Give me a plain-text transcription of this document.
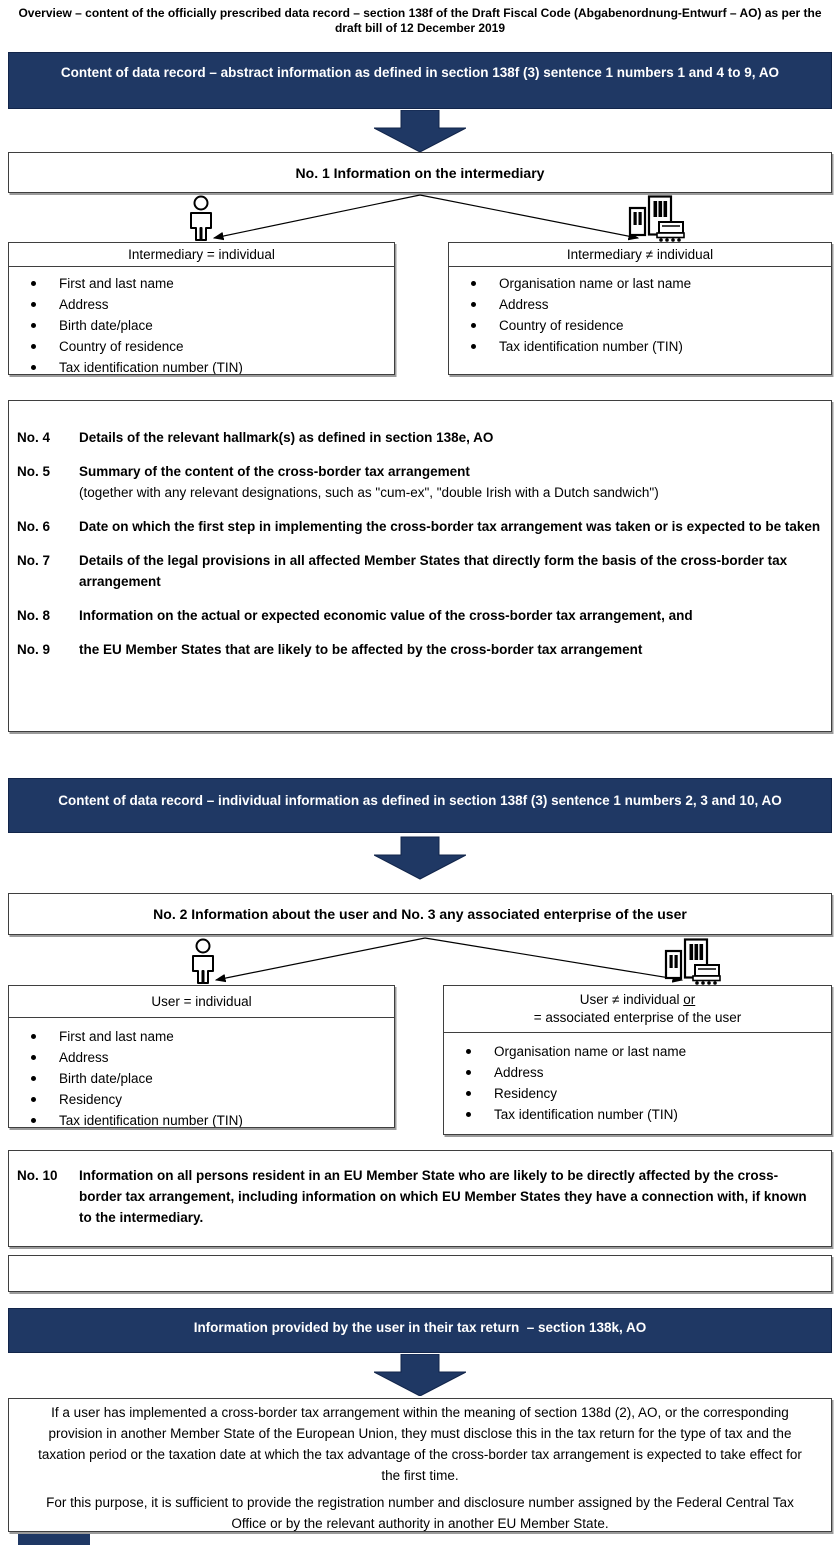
Overview – content of the officially prescribed data record – section 138f of the Draft Fiscal Code (Abgabenordnung-Entwurf – AO) as per the draft bill of 12 December 2019
Content of data record – abstract information as defined in section 138f (3) sentence 1 numbers 1 and 4 to 9, AO
No. 1 Information on the intermediary
Intermediary = individual
First and last name
Address
Birth date/place
Country of residence
Tax identification number (TIN)
Intermediary ≠ individual
Organisation name or last name
Address
Country of residence
Tax identification number (TIN)
No. 4	Details of the relevant hallmark(s) as defined in section 138e, AO
No. 5	Summary of the content of the cross-border tax arrangement
(together with any relevant designations, such as "cum-ex", "double Irish with a Dutch sandwich")
No. 6	Date on which the first step in implementing the cross-border tax arrangement was taken or is expected to be taken
No. 7	Details of the legal provisions in all affected Member States that directly form the basis of the cross-border tax arrangement
No. 8	Information on the actual or expected economic value of the cross-border tax arrangement, and
No. 9	the EU Member States that are likely to be affected by the cross-border tax arrangement
Content of data record – individual information as defined in section 138f (3) sentence 1 numbers 2, 3 and 10, AO
No. 2 Information about the user and No. 3 any associated enterprise of the user
User = individual
First and last name
Address
Birth date/place
Residency
Tax identification number (TIN)
User ≠ individual or
= associated enterprise of the user
Organisation name or last name
Address
Residency
Tax identification number (TIN)
No. 10	Information on all persons resident in an EU Member State who are likely to be directly affected by the cross-border tax arrangement, including information on which EU Member States they have a connection with, if known to the intermediary.
Information provided by the user in their tax return  – section 138k, AO
If a user has implemented a cross-border tax arrangement within the meaning of section 138d (2), AO, or the corresponding provision in another Member State of the European Union, they must disclose this in the tax return for the type of tax and the taxation period or the taxation date at which the tax advantage of the cross-border tax arrangement is expected to take effect for the first time.
For this purpose, it is sufficient to provide the registration number and disclosure number assigned by the Federal Central Tax Office or by the relevant authority in another EU Member State.
